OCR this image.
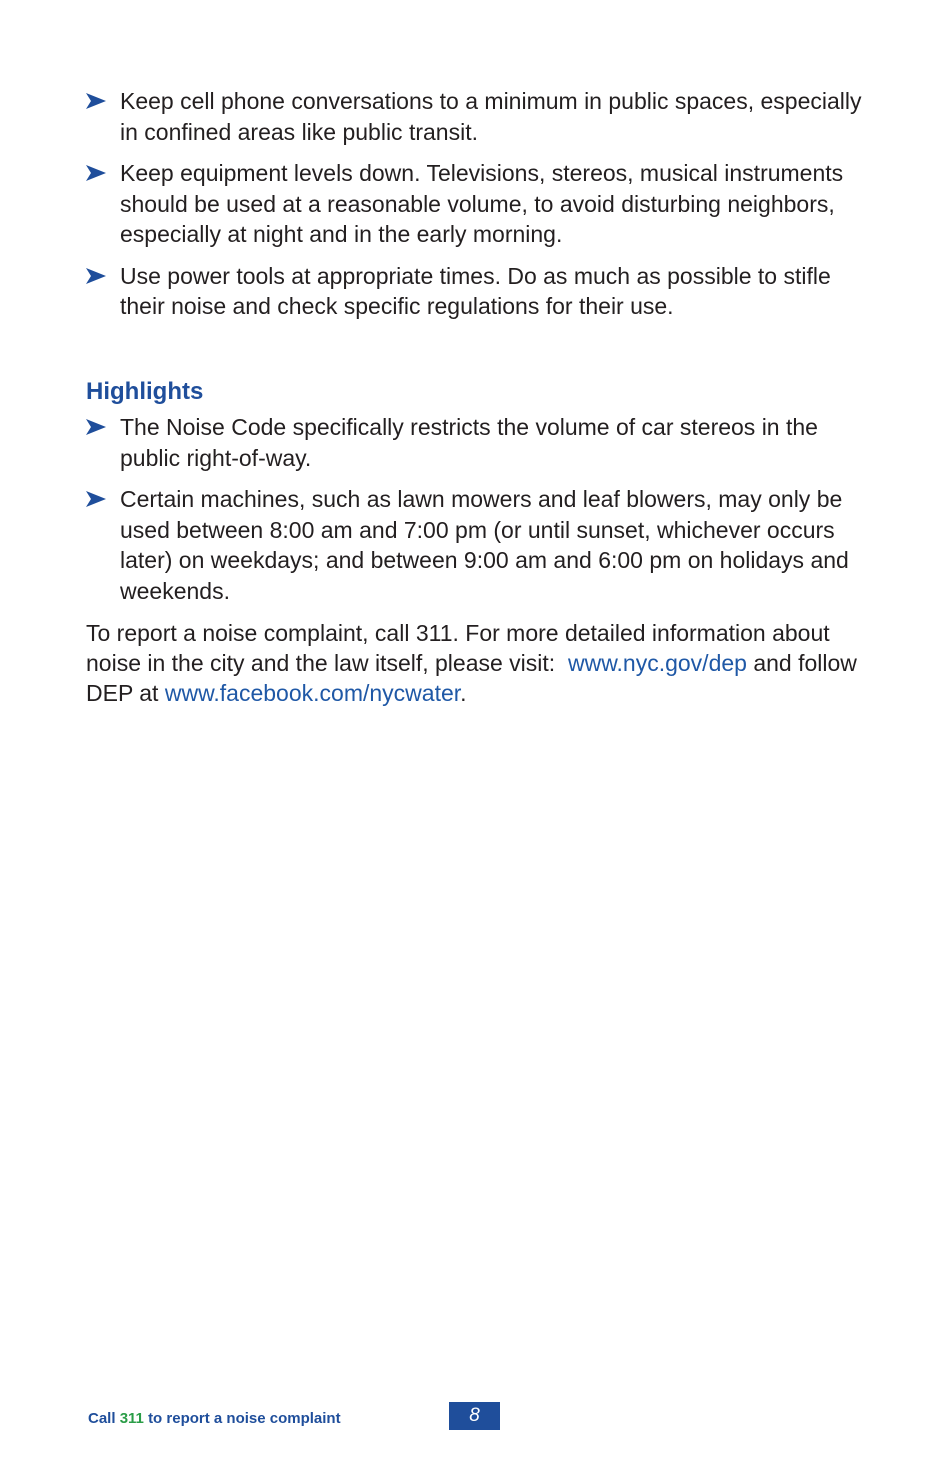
Keep cell phone conversations to a minimum in public spaces, especially in confined areas like public transit.
Keep equipment levels down. Televisions, stereos, musical instruments should be used at a reasonable volume, to avoid disturbing neighbors, especially at night and in the early morning.
Use power tools at appropriate times. Do as much as possible to stifle their noise and check specific regulations for their use.
Highlights
The Noise Code specifically restricts the volume of car stereos in the public right-of-way.
Certain machines, such as lawn mowers and leaf blowers, may only be used between 8:00 am and 7:00 pm (or until sunset, whichever occurs later) on weekdays; and between 9:00 am and 6:00 pm on holidays and weekends.

To report a noise complaint, call 311. For more detailed information about noise in the city and the law itself, please visit: www.nyc.gov/dep and follow DEP at www.facebook.com/nycwater.

Call 311 to report a noise complaint	8
